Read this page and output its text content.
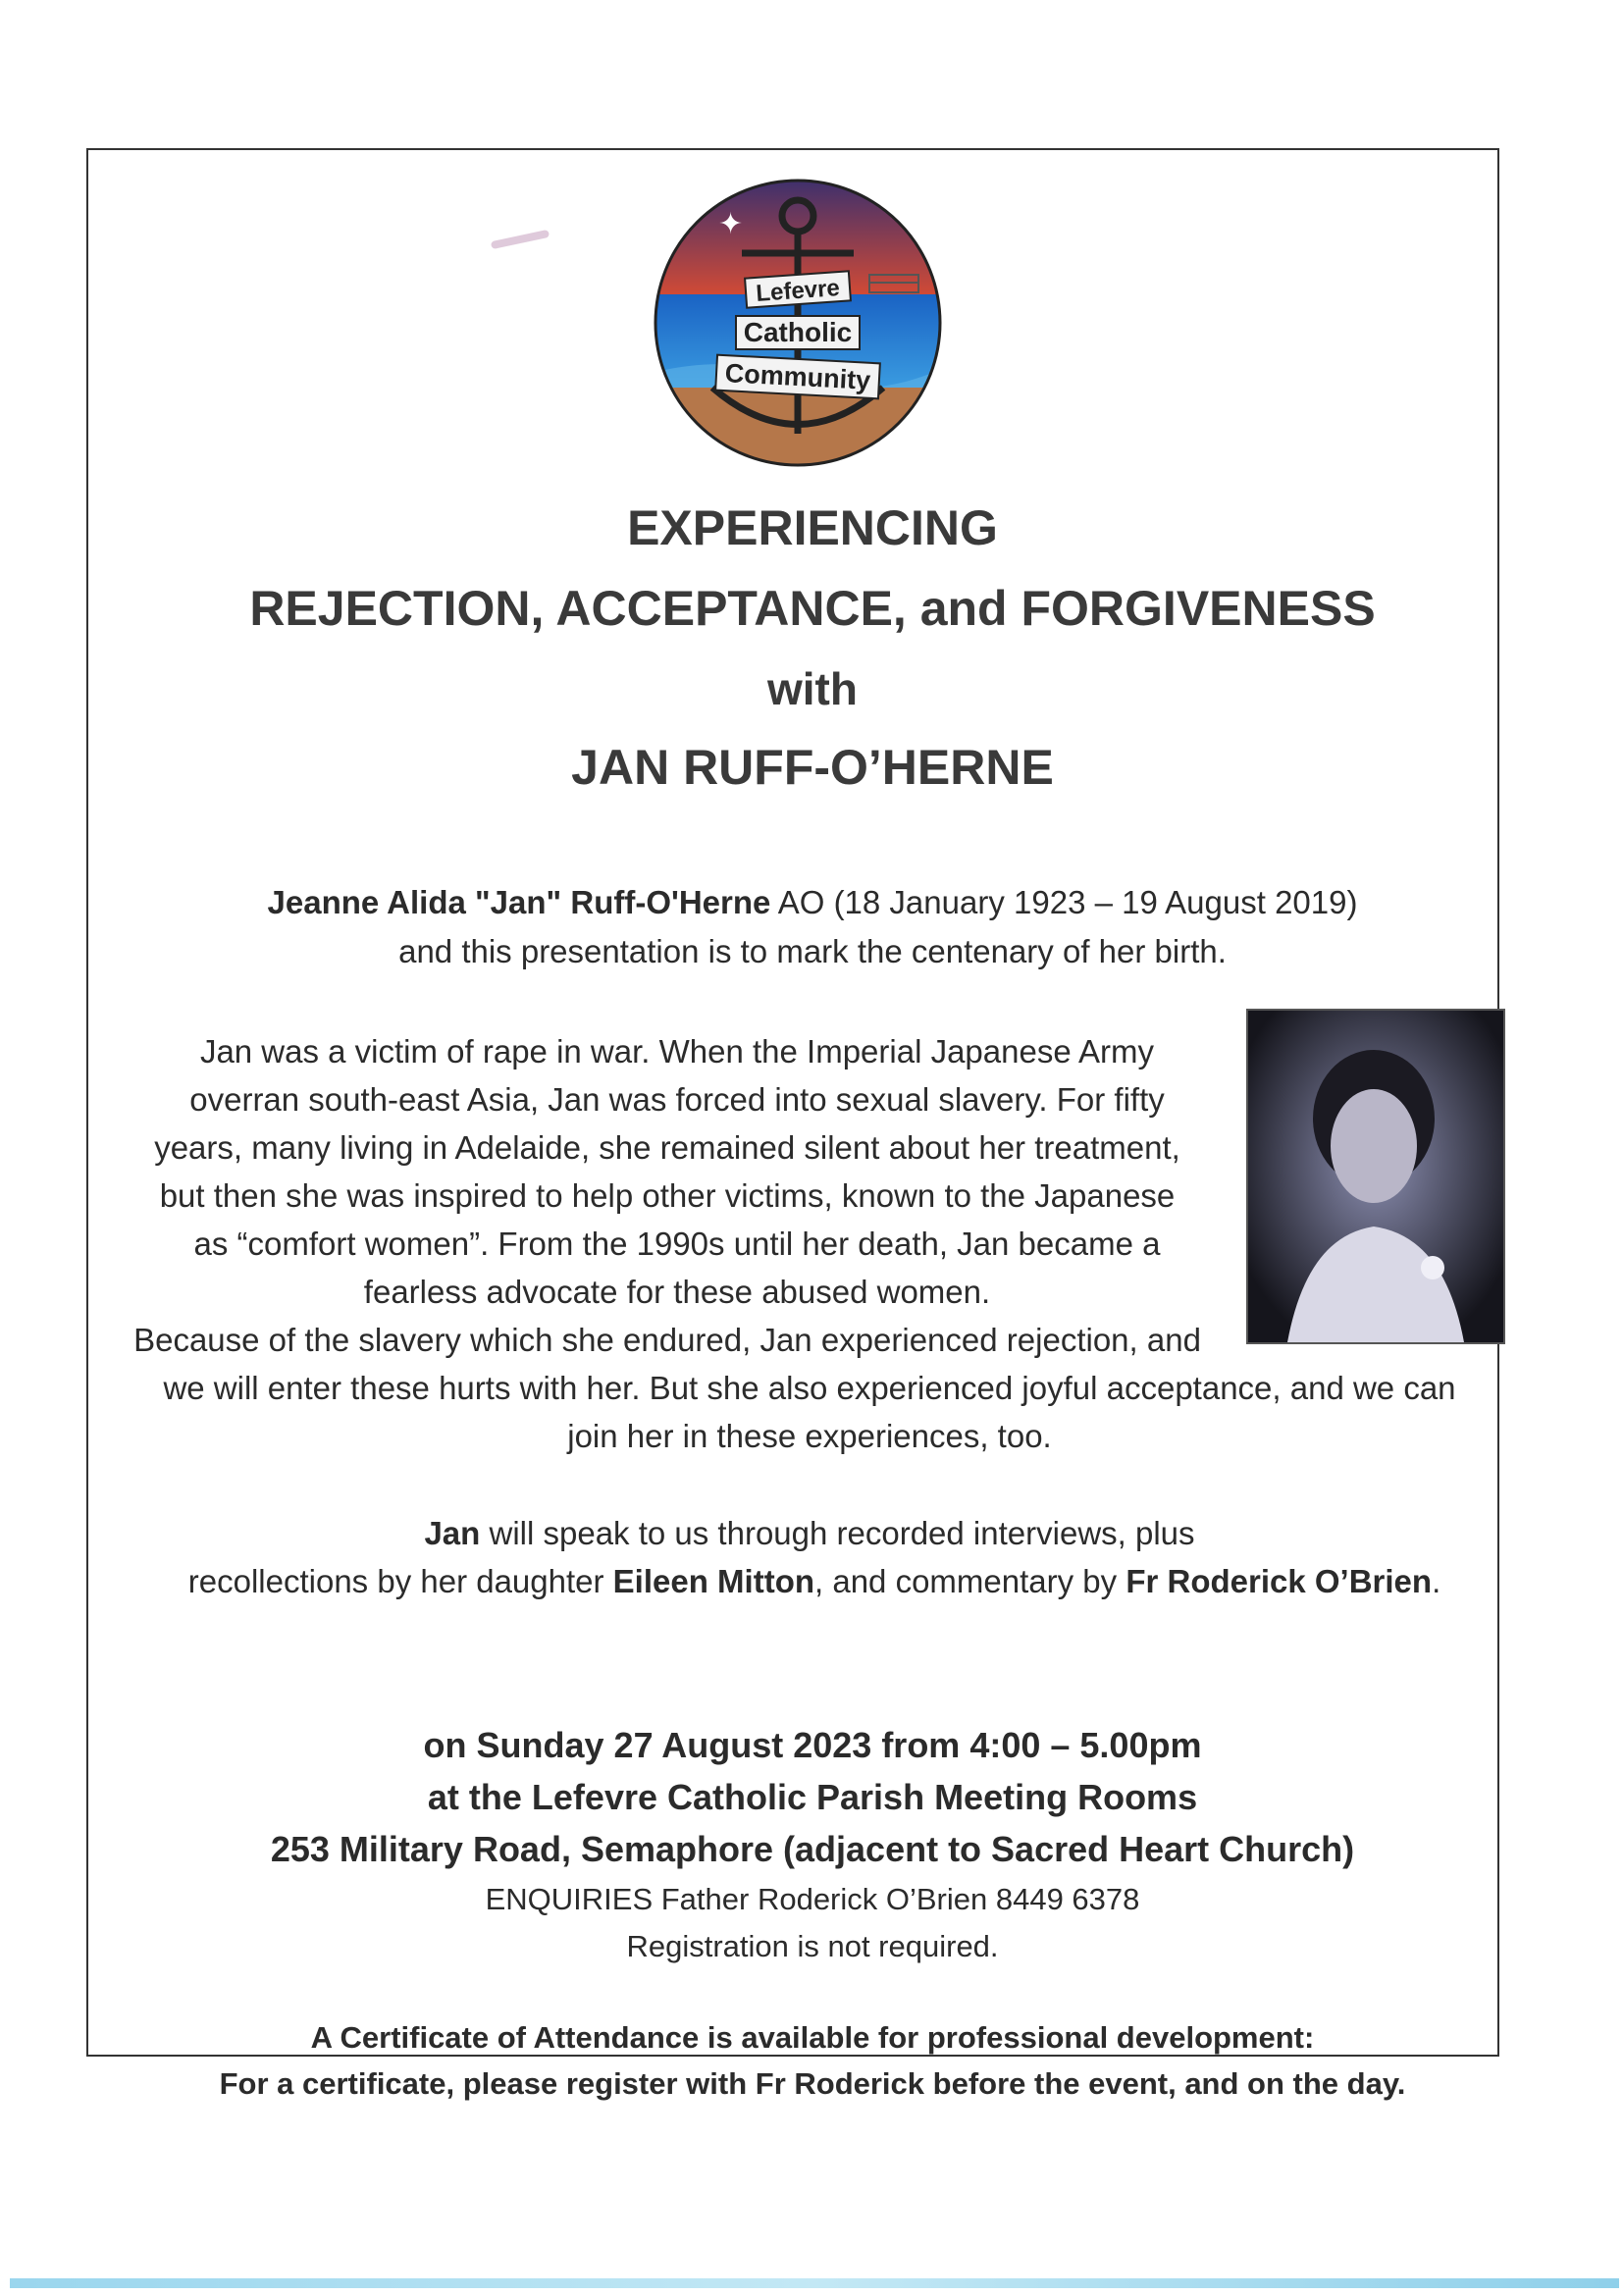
✦
Lefevre
Catholic
Community
EXPERIENCING
REJECTION, ACCEPTANCE, and FORGIVENESS
with
JAN RUFF-O’HERNE
Jeanne Alida "Jan" Ruff-O'Herne AO (18 January 1923 – 19 August 2019)
and this presentation is to mark the centenary of her birth.
Jan was a victim of rape in war. When the Imperial Japanese Army
overran south-east Asia, Jan was forced into sexual slavery. For fifty
years, many living in Adelaide, she remained silent about her treatment,
but then she was inspired to help other victims, known to the Japanese
as “comfort women”. From the 1990s until her death, Jan became a
fearless advocate for these abused women.
Because of the slavery which she endured, Jan experienced rejection, and
we will enter these hurts with her. But she also experienced joyful acceptance, and we can
join her in these experiences, too.
Jan will speak to us through recorded interviews, plus
recollections by her daughter Eileen Mitton, and commentary by Fr Roderick O’Brien.
on Sunday 27 August 2023 from 4:00 – 5.00pm
at the Lefevre Catholic Parish Meeting Rooms
253 Military Road, Semaphore (adjacent to Sacred Heart Church)
ENQUIRIES Father Roderick O’Brien 8449 6378
Registration is not required.
A Certificate of Attendance is available for professional development:
For a certificate, please register with Fr Roderick before the event, and on the day.
